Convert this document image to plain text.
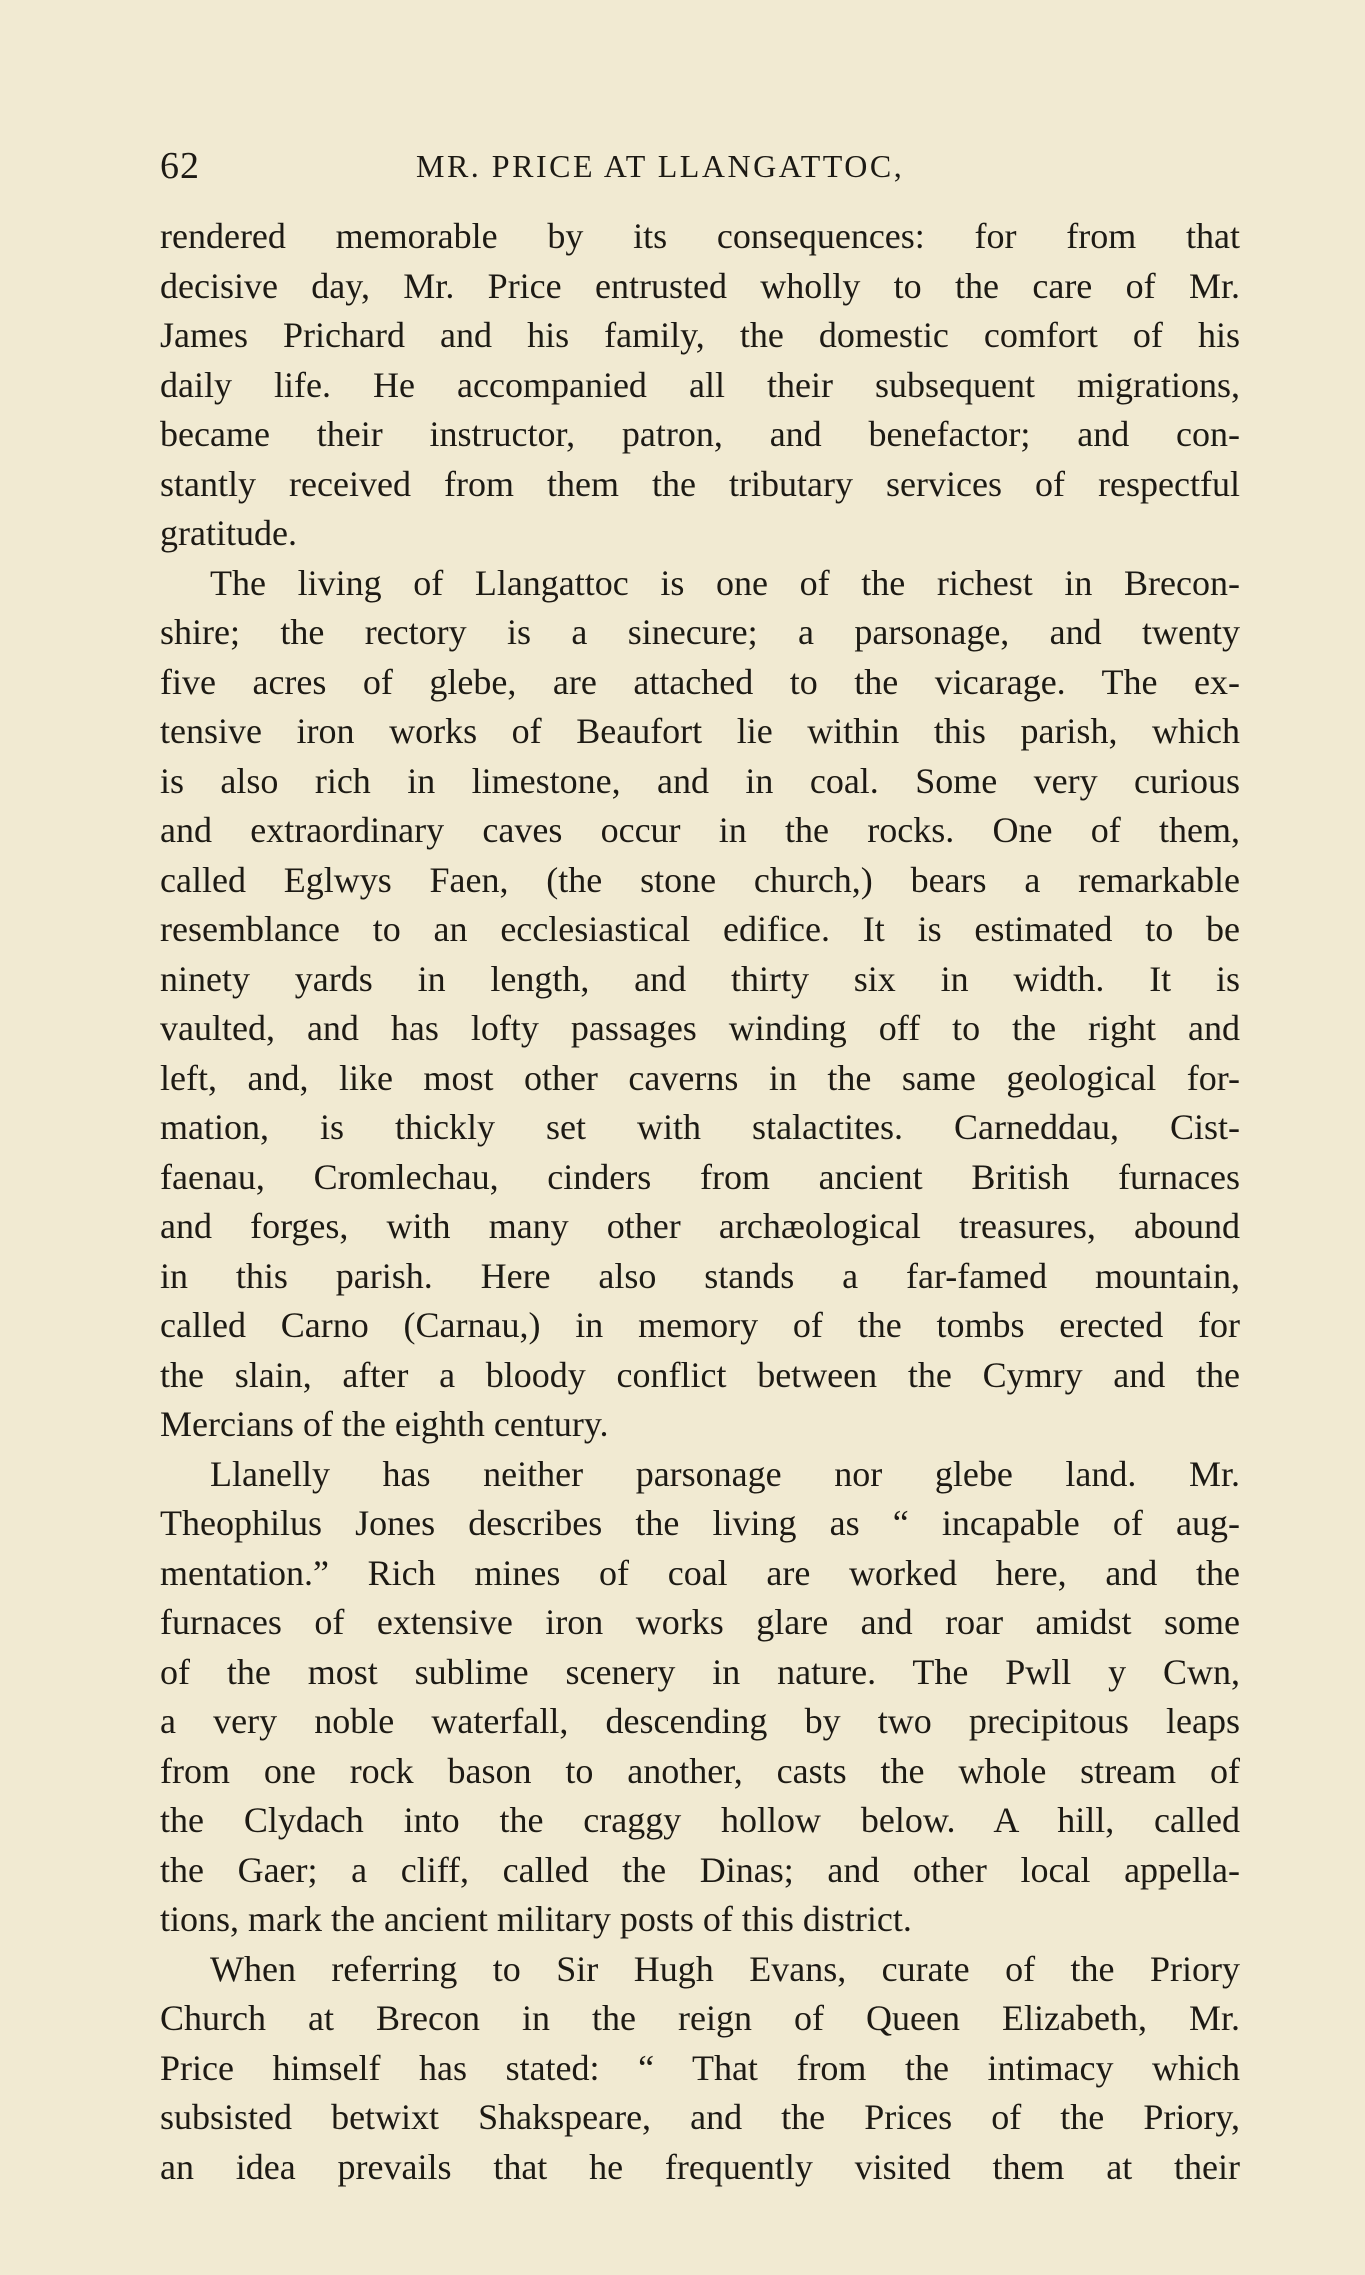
62	MR. PRICE AT LLANGATTOC,
rendered memorable by its consequences: for from that
decisive day, Mr. Price entrusted wholly to the care of Mr.
James Prichard and his family, the domestic comfort of his
daily life. He accompanied all their subsequent migrations,
became their instructor, patron, and benefactor; and con-
stantly received from them the tributary services of respectful
gratitude.
The living of Llangattoc is one of the richest in Brecon-
shire; the rectory is a sinecure; a parsonage, and twenty
five acres of glebe, are attached to the vicarage. The ex-
tensive iron works of Beaufort lie within this parish, which
is also rich in limestone, and in coal. Some very curious
and extraordinary caves occur in the rocks. One of them,
called Eglwys Faen, (the stone church,) bears a remarkable
resemblance to an ecclesiastical edifice. It is estimated to be
ninety yards in length, and thirty six in width. It is
vaulted, and has lofty passages winding off to the right and
left, and, like most other caverns in the same geological for-
mation, is thickly set with stalactites. Carneddau, Cist-
faenau, Cromlechau, cinders from ancient British furnaces
and forges, with many other archæological treasures, abound
in this parish. Here also stands a far-famed mountain,
called Carno (Carnau,) in memory of the tombs erected for
the slain, after a bloody conflict between the Cymry and the
Mercians of the eighth century.
Llanelly has neither parsonage nor glebe land. Mr.
Theophilus Jones describes the living as “ incapable of aug-
mentation.” Rich mines of coal are worked here, and the
furnaces of extensive iron works glare and roar amidst some
of the most sublime scenery in nature. The Pwll y Cwn,
a very noble waterfall, descending by two precipitous leaps
from one rock bason to another, casts the whole stream of
the Clydach into the craggy hollow below. A hill, called
the Gaer; a cliff, called the Dinas; and other local appella-
tions, mark the ancient military posts of this district.
When referring to Sir Hugh Evans, curate of the Priory
Church at Brecon in the reign of Queen Elizabeth, Mr.
Price himself has stated: “ That from the intimacy which
subsisted betwixt Shakspeare, and the Prices of the Priory,
an idea prevails that he frequently visited them at their
